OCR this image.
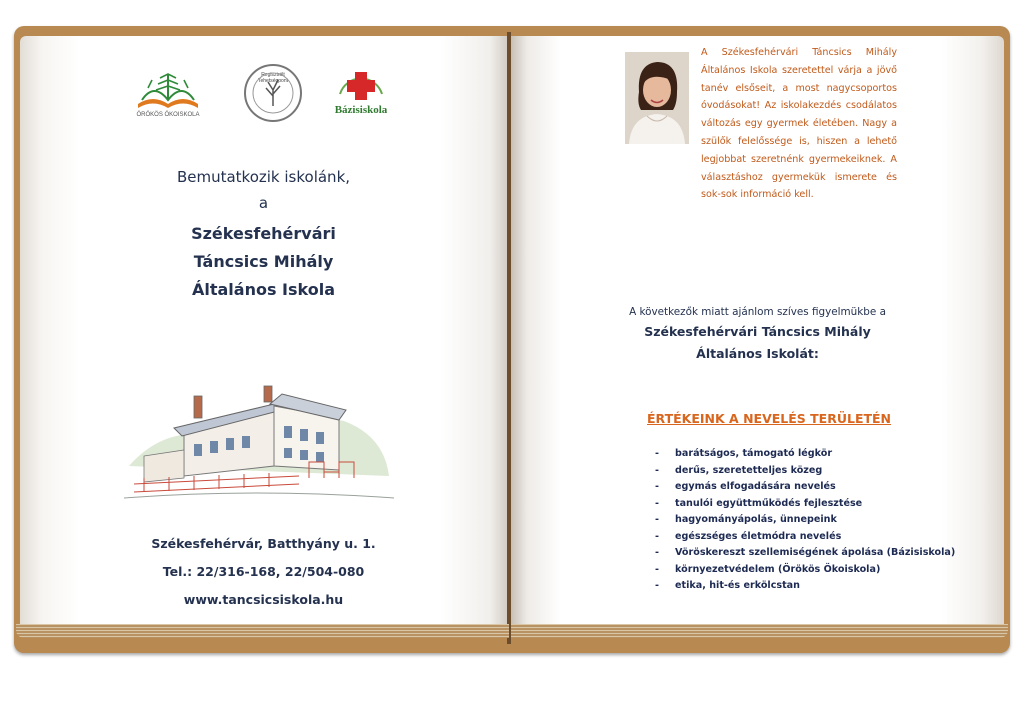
ÖRÖKÖS ÖKOISKOLA
Regisztrált Tehetségpont
Bázisiskola
Bemutatkozik iskolánk,
a
Székesfehérvári
Táncsics Mihály
Általános Iskola
Székesfehérvár, Batthyány u. 1.
Tel.: 22/316-168, 22/504-080
www.tancsicsiskola.hu
A Székesfehérvári Táncsics Mihály Általános Iskola szeretettel várja a jövő tanév elsőseit, a most nagycsoportos óvodásokat! Az iskolakezdés csodálatos változás egy gyermek életében. Nagy a szülők felelőssége is, hiszen a lehető legjobbat szeretnénk gyermekeiknek. A választáshoz gyermekük ismerete és sok-sok információ kell.
A következők miatt ajánlom szíves figyelmükbe a
Székesfehérvári Táncsics Mihály
Általános Iskolát:
ÉRTÉKEINK A NEVELÉS TERÜLETÉN
- barátságos, támogató légkör
- derűs, szeretetteljes közeg
- egymás elfogadására nevelés
- tanulói együttműködés fejlesztése
- hagyományápolás, ünnepeink
- egészséges életmódra nevelés
- Vöröskereszt szellemiségének ápolása (Bázisiskola)
- környezetvédelem (Örökös Ökoiskola)
- etika, hit-és erkölcstan
